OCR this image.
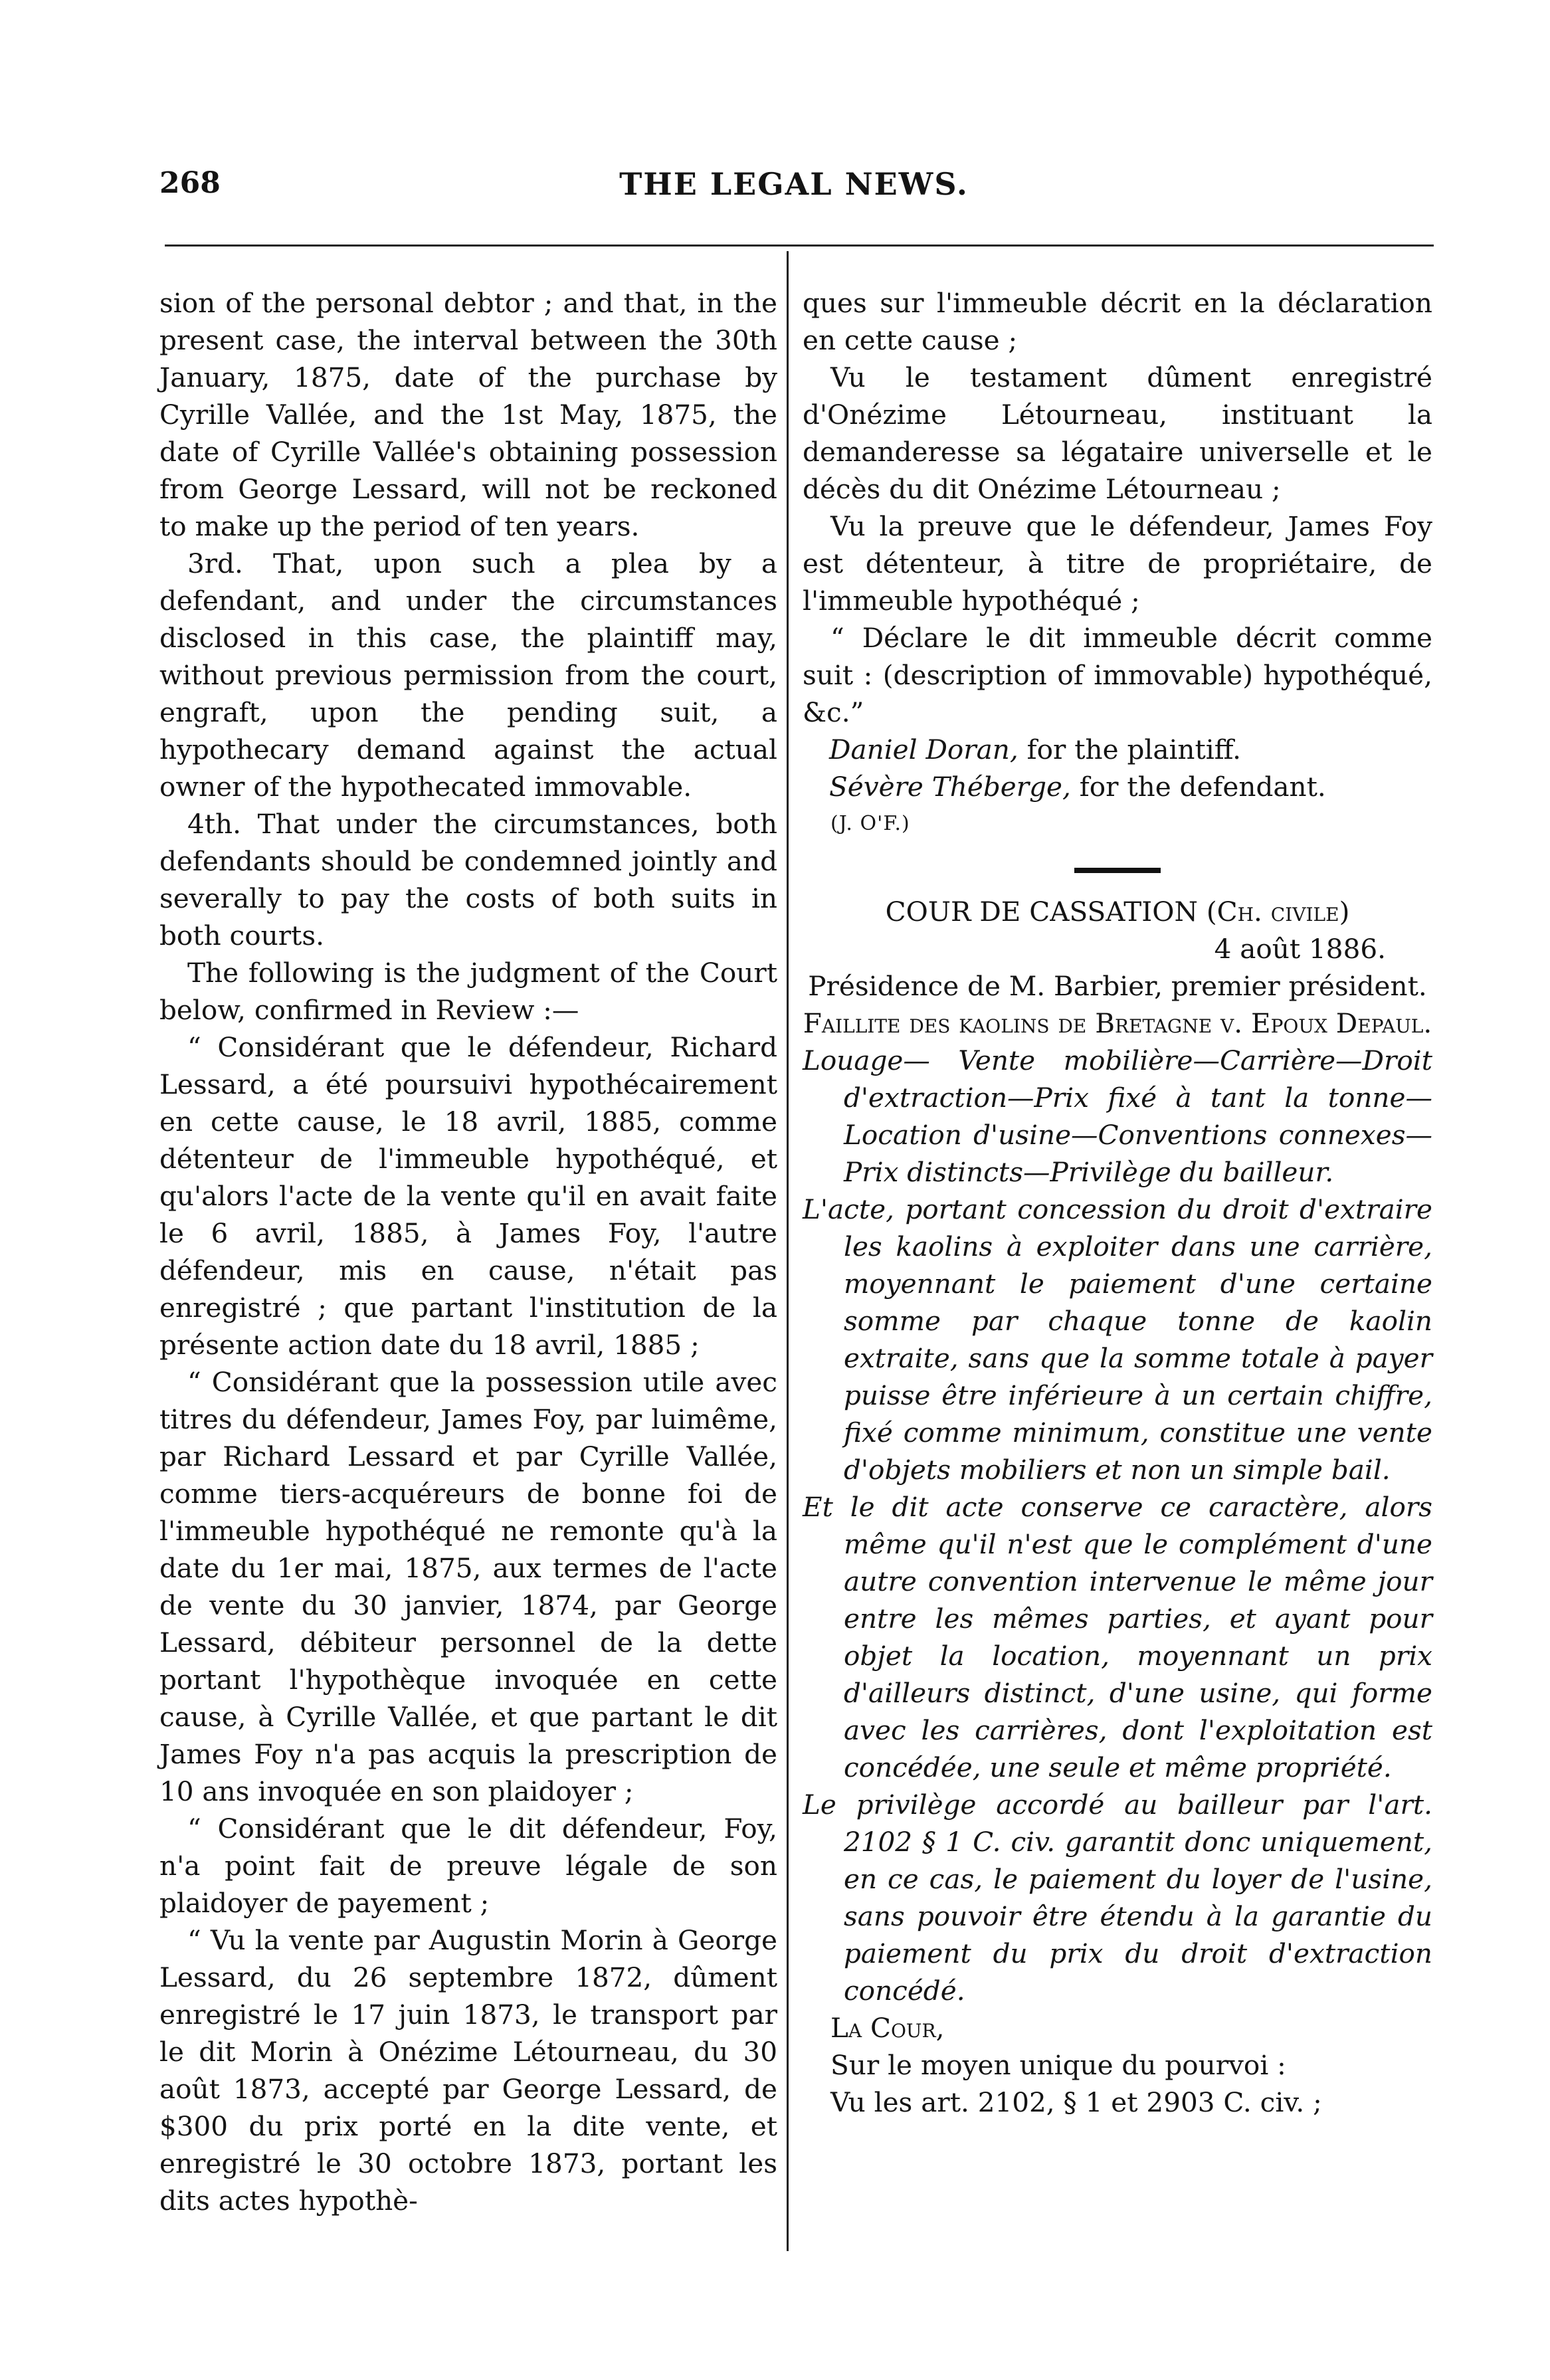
268	THE LEGAL NEWS.

sion of the personal debtor ; and that, in the present case, the interval between the 30th January, 1875, date of the purchase by Cyrille Vallée, and the 1st May, 1875, the date of Cyrille Vallée's obtaining possession from George Lessard, will not be reckoned to make up the period of ten years.

3rd. That, upon such a plea by a defendant, and under the circumstances disclosed in this case, the plaintiff may, without previous permission from the court, engraft, upon the pending suit, a hypothecary demand against the actual owner of the hypothecated immovable.

4th. That under the circumstances, both defendants should be condemned jointly and severally to pay the costs of both suits in both courts.

The following is the judgment of the Court below, confirmed in Review :—

“ Considérant que le défendeur, Richard Lessard, a été poursuivi hypothécairement en cette cause, le 18 avril, 1885, comme détenteur de l'immeuble hypothéqué, et qu'alors l'acte de la vente qu'il en avait faite le 6 avril, 1885, à James Foy, l'autre défendeur, mis en cause, n'était pas enregistré ; que partant l'institution de la présente action date du 18 avril, 1885 ;

“ Considérant que la possession utile avec titres du défendeur, James Foy, par luimême, par Richard Lessard et par Cyrille Vallée, comme tiers-acquéreurs de bonne foi de l'immeuble hypothéqué ne remonte qu'à la date du 1er mai, 1875, aux termes de l'acte de vente du 30 janvier, 1874, par George Lessard, débiteur personnel de la dette portant l'hypothèque invoquée en cette cause, à Cyrille Vallée, et que partant le dit James Foy n'a pas acquis la prescription de 10 ans invoquée en son plaidoyer ;

“ Considérant que le dit défendeur, Foy, n'a point fait de preuve légale de son plaidoyer de payement ;

“ Vu la vente par Augustin Morin à George Lessard, du 26 septembre 1872, dûment enregistré le 17 juin 1873, le transport par le dit Morin à Onézime Létourneau, du 30 août 1873, accepté par George Lessard, de $300 du prix porté en la dite vente, et enregistré le 30 octobre 1873, portant les dits actes hypothè-

ques sur l'immeuble décrit en la déclaration en cette cause ;

Vu le testament dûment enregistré d'Onézime Létourneau, instituant la demanderesse sa légataire universelle et le décès du dit Onézime Létourneau ;

Vu la preuve que le défendeur, James Foy est détenteur, à titre de propriétaire, de l'immeuble hypothéqué ;

“ Déclare le dit immeuble décrit comme suit : (description of immovable) hypothéqué, &c.”

Daniel Doran, for the plaintiff.

Sévère Théberge, for the defendant.

(J. O'F.)

COUR DE CASSATION (Ch. civile)

4 août 1886.

Présidence de M. Barbier, premier président.

Faillite des kaolins de Bretagne v. Epoux Depaul.

Louage— Vente mobilière—Carrière—Droit d'extraction—Prix fixé à tant la tonne—Location d'usine—Conventions connexes—Prix distincts—Privilège du bailleur.

L'acte, portant concession du droit d'extraire les kaolins à exploiter dans une carrière, moyennant le paiement d'une certaine somme par chaque tonne de kaolin extraite, sans que la somme totale à payer puisse être inférieure à un certain chiffre, fixé comme minimum, constitue une vente d'objets mobiliers et non un simple bail.

Et le dit acte conserve ce caractère, alors même qu'il n'est que le complément d'une autre convention intervenue le même jour entre les mêmes parties, et ayant pour objet la location, moyennant un prix d'ailleurs distinct, d'une usine, qui forme avec les carrières, dont l'exploitation est concédée, une seule et même propriété.

Le privilège accordé au bailleur par l'art. 2102 § 1 C. civ. garantit donc uniquement, en ce cas, le paiement du loyer de l'usine, sans pouvoir être étendu à la garantie du paiement du prix du droit d'extraction concédé.

La Cour,

Sur le moyen unique du pourvoi :

Vu les art. 2102, § 1 et 2903 C. civ. ;
